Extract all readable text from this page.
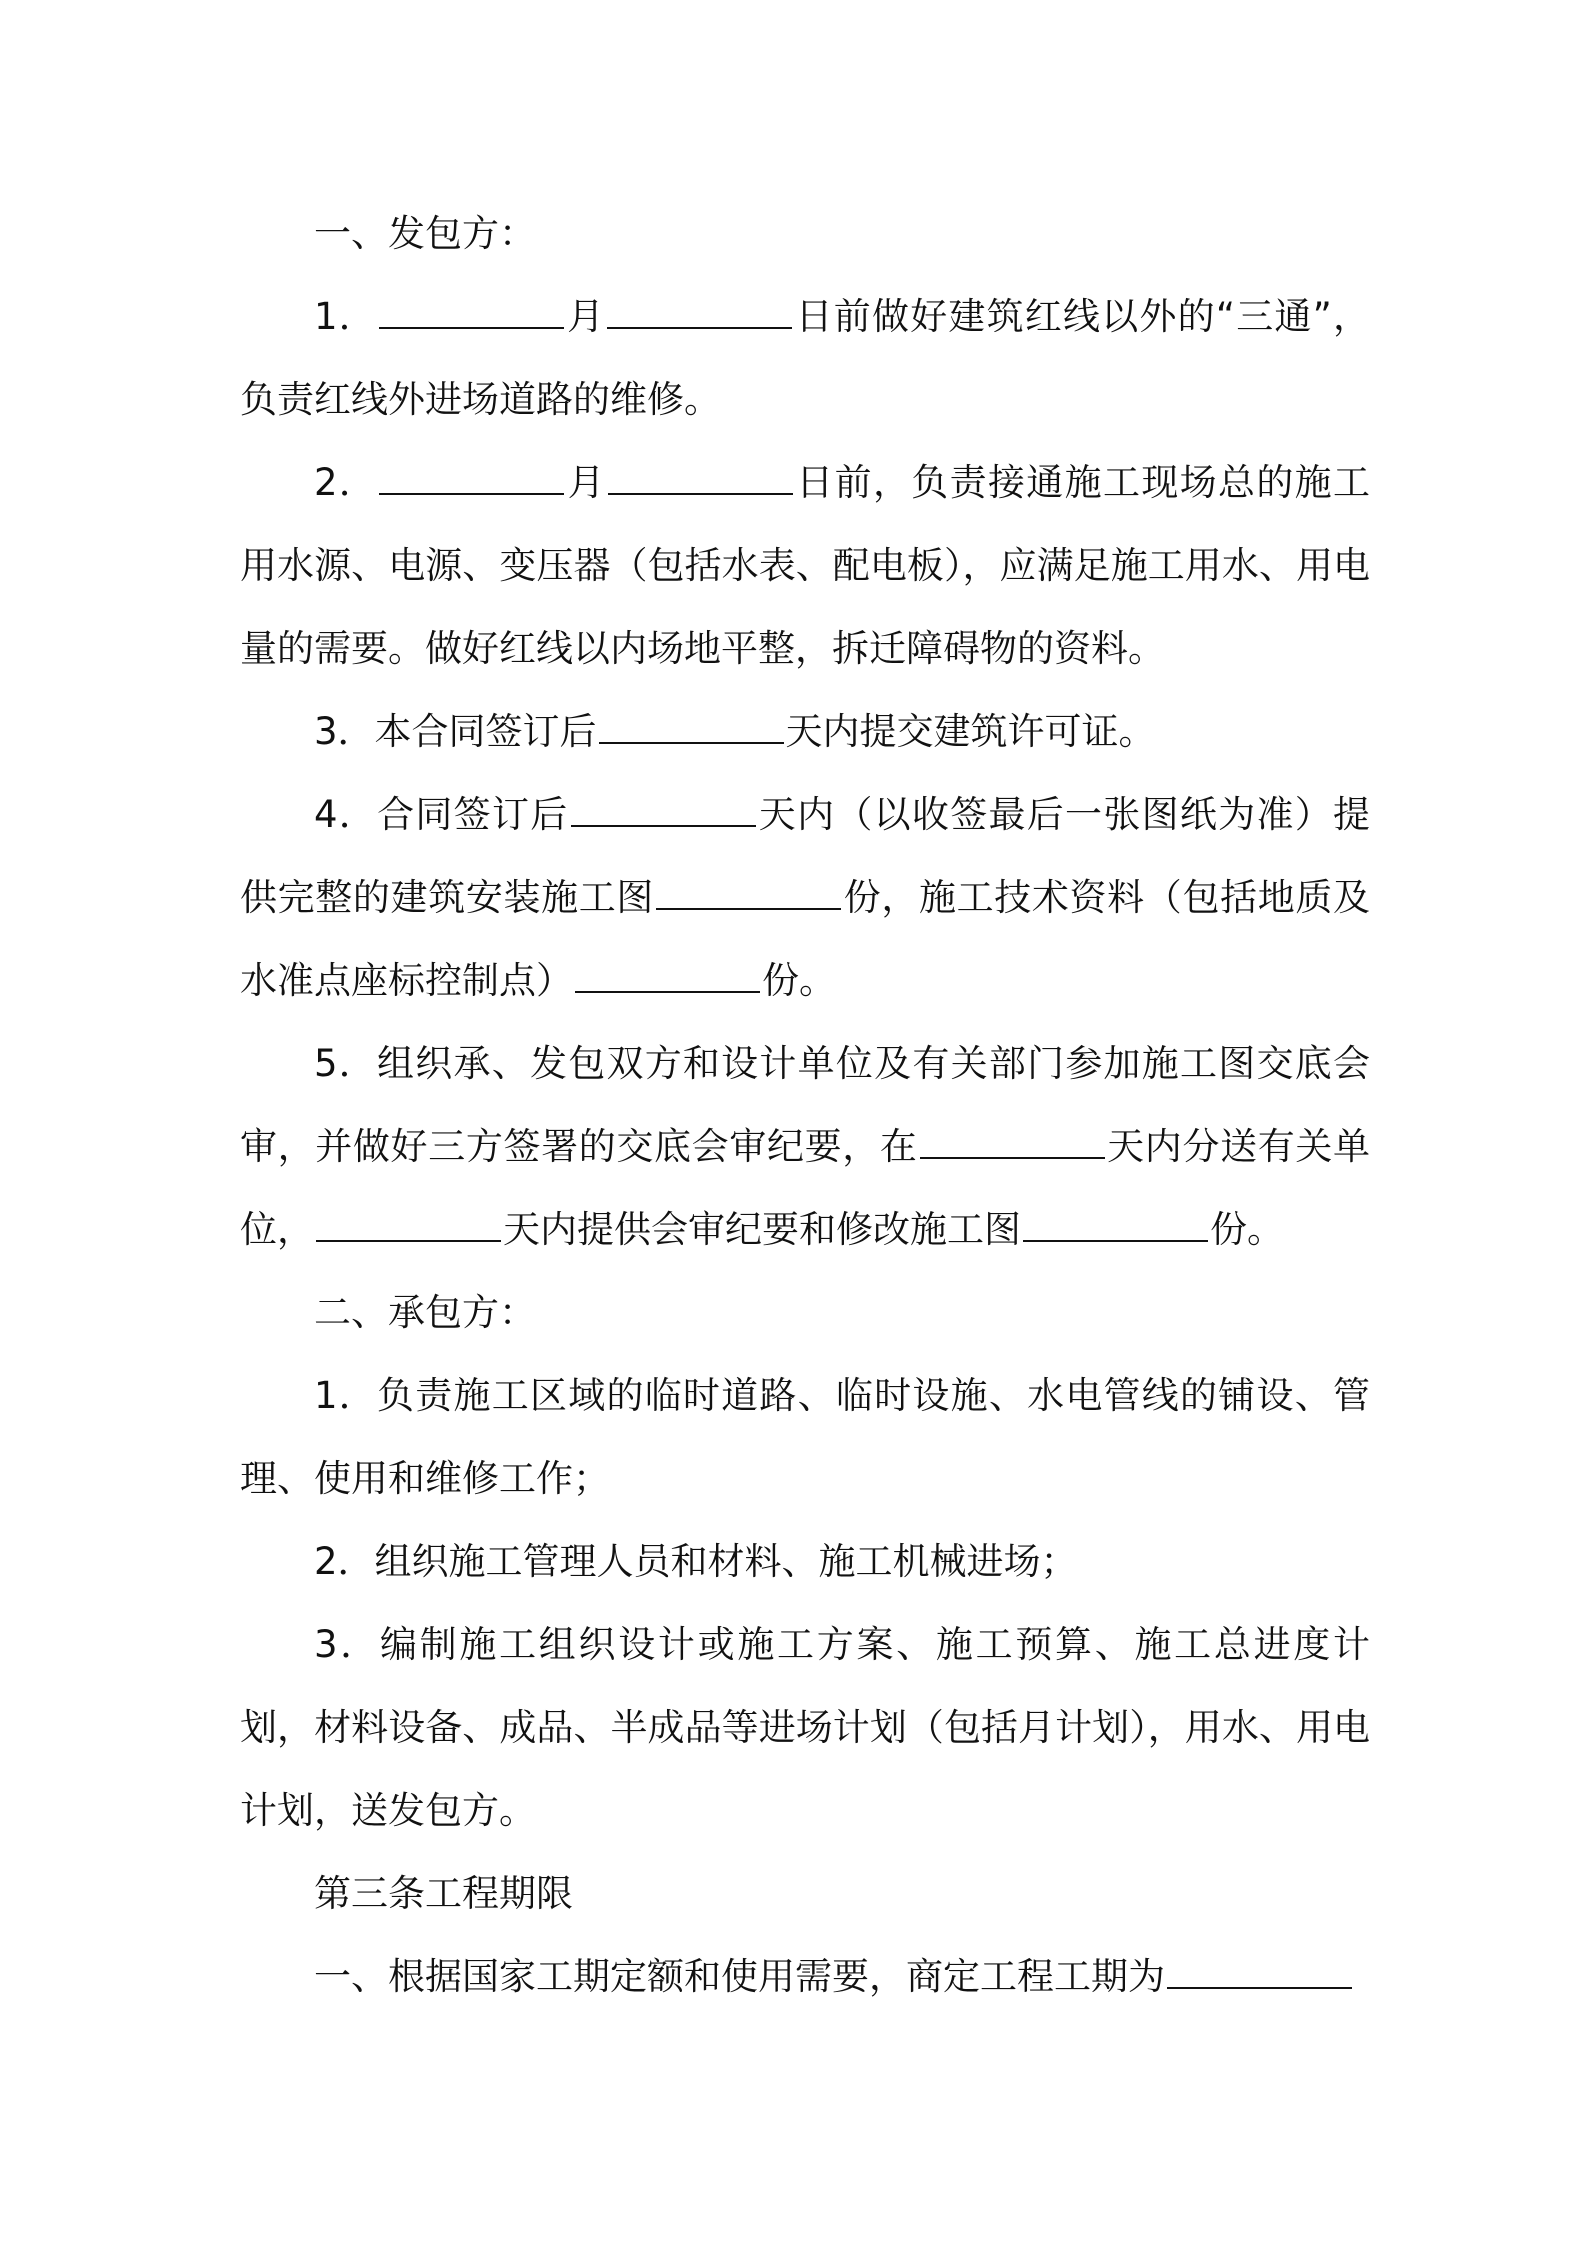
一、发包方：

1．	月	日前做好建筑红线以外的“三通”，负责红线外进场道路的维修。

2．	月	日前，负责接通施工现场总的施工用水源、电源、变压器（包括水表、配电板），应满足施工用水、用电量的需要。做好红线以内场地平整，拆迁障碍物的资料。

3．本合同签订后	天内提交建筑许可证。

4．合同签订后	天内（以收签最后一张图纸为准）提供完整的建筑安装施工图	份，施工技术资料（包括地质及水准点座标控制点）	份。

5．组织承、发包双方和设计单位及有关部门参加施工图交底会审，并做好三方签署的交底会审纪要，在	天内分送有关单位，	天内提供会审纪要和修改施工图	份。

二、承包方：

1．负责施工区域的临时道路、临时设施、水电管线的铺设、管理、使用和维修工作；

2．组织施工管理人员和材料、施工机械进场；

3．编制施工组织设计或施工方案、施工预算、施工总进度计划，材料设备、成品、半成品等进场计划（包括月计划），用水、用电计划，送发包方。

第三条工程期限

一、根据国家工期定额和使用需要，商定工程工期为
